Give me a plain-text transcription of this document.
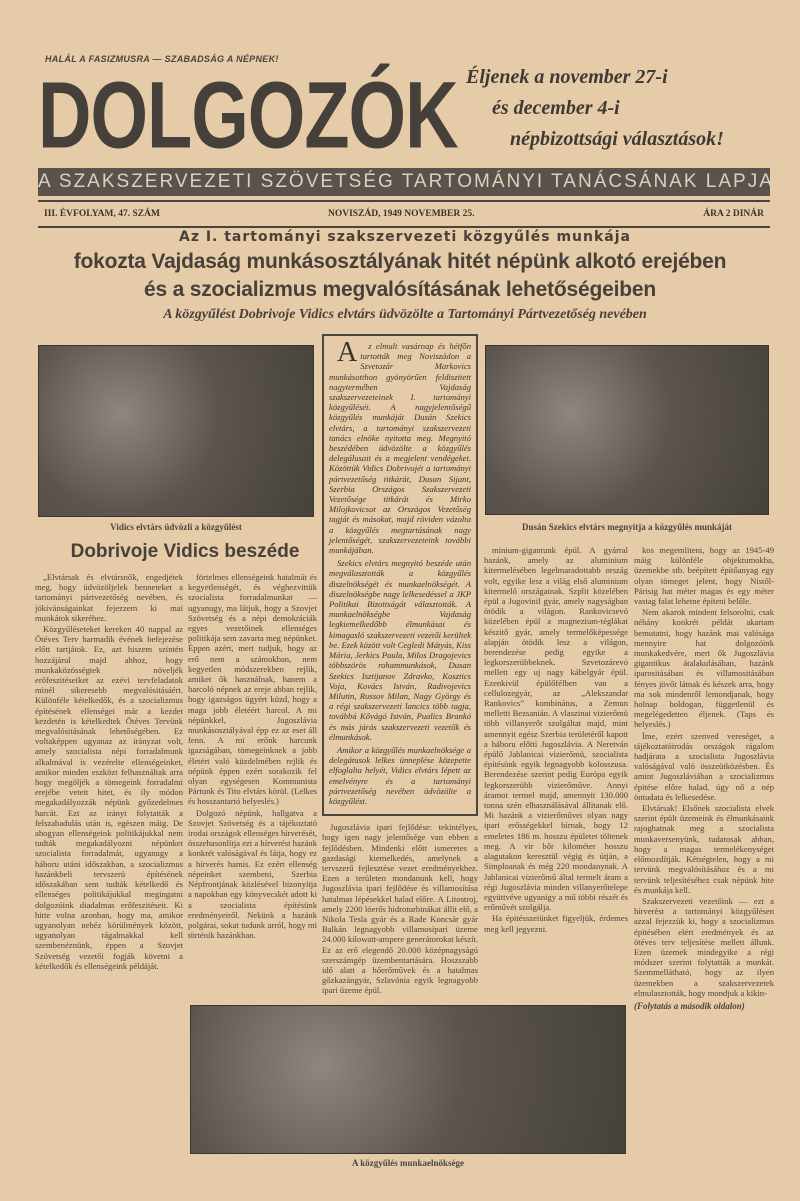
HALÁL A FASIZMUSRA — SZABADSÁG A NÉPNEK!
DOLGOZÓK Éljenek a november 27-i
és december 4-i
népbizottsági választások!
A SZAKSZERVEZETI SZÖVETSÉG TARTOMÁNYI TANÁCSÁNAK LAPJA
III. ÉVFOLYAM, 47. SZÁM	NOVISZÁD, 1949 NOVEMBER 25.	ÁRA 2 DINÁR
Az I. tartományi szakszervezeti közgyűlés munkája
fokozta Vajdaság munkásosztályának hitét népünk alkotó erejében
és a szocializmus megvalósításának lehetőségeiben
A közgyűlést Dobrivoje Vidics elvtárs üdvözölte a Tartományi Pártvezetőség nevében
Vidics elvtárs üdvözli a közgyűlést

A z elmult vasárnap és hétfőn tartották meg Noviszádon a Szvetozár Markovics munkásotthon gyönyörűen feldiszitett nagytermében Vajdaság szakszervezeteinek I. tartományi közgyűlését. A nagyjelentőségű közgyűlés munkáját Dusán Szekics elvtárs, a tartományi szakszervezeti tanács elnöke nyitotta meg. Megnyitó beszédében üdvözölte a közgyűlés delegálusait és a megjelent vendégeket. Közöttük Vidics Dobrivojét a tartományi pártvezetőség titkárát, Dusan Sijant, Szerbia Országos Szakszervezeti Vezetősége titkárát és Mirko Milojkovicsot az Országos Vezetőség tagját és másokat, majd röviden vázolta a közgyűlés megtartásának nagy jelentőségét, szakszervezeteink további munkájában.

Szekics elvtárs megnyitó beszéde után megválasztották a közgyűlés diszelnökségét és munkaelnökségét. A diszelnökségbe nagy lelkesedéssel a JKP Politikai Bizottságát választották. A munkaelnökségbe Vajdaság legkiemelkedőbb élmunkásai és kimagasló szakszervezeti vezetői kerültek be. Ezek között volt Cegledi Mátyás, Kiss Mária, Jerkics Paula, Milos Dragojevics többszörös rohammunkások, Dusan Szekics Isztijanov Zdravko, Kosztics Voja, Kovács István, Radivojevics Milutin, Russov Milan, Nagy György és a régi szakszervezeti lancics több tagja, továbbá Kővágó István, Pualics Brankó és más járás szakszervezeti vezetők és élmunkások.

Amikor a közgyűlés munkaelnöksége a delegátusok lelkes ünneplése közepette elfoglalta helyét, Vidics elvtárs lépett az emelvényre és a tartományi pártvezetőség nevében üdvözölte a közgyűlést.

Jugoszlávia ipari fejlődése: tekintélyes, hogy igen nagy jelentősége van ebben a fejlődésben. Mindenki előtt ismeretes a gazdasági kiemelkedés, amelynek a tervszerű fejlesztése vezet eredményekhez. Ezen a területen mondanunk kell, hogy Jugoszlávia ipari fejlődése és villamosítása hatalmas lépésekkel halad előre. A Litostroj, amely 2200 lóerős hidroturbinákat állít elő, a Nikola Tesla gyár és a Rade Koncsár gyár Balkán legnagyobb villamosipari üzeme 24.000 kilowatt-ampere generátorokat készít. Ez az erő elegendő 20.000 középnagyságú szerszámgép üzembentartására. Hoszszabb idő alatt a hőerőművek és a hatalmas gőzkazángyár, Szlavónia egyik legnagyobb ipari üzeme épül.

Dusán Szekics elvtárs megnyitja a közgyűlés munkáját
Dobrivoje Vidics beszéde

„Elvtársak és elvtársnők, engedjétek meg, hogy üdvözöljelek benneteket a tartományi pártvezetőség nevében, és jókivánságainkat fejezzem ki mai munkátok sikeréhez.

Közgyűléseteket kereken 40 nappal az Ötéves Terv harmadik évének befejezése előtt tartjátok. Ez, azt hiszem szintén hozzájárul majd ahhoz, hogy munkaközösségtek növeljék erőfeszitéseiket az ezévi tervfeladatok minél sikeresebb megvalósitásáért. Különféle kételkedők, és a szocializmus építésének ellenségei már a kezdet kezdetén is kételkedtek Ötéves Tervünk megvalósitásának lehetőségében. Ez voltaképpen ugyanaz az irányzat volt, amely szocialista népi forradalmunk alkalmával is vezérelte ellenségeinket, amikor minden eszközt felhasználtak arra hogy megöljék a tömegeink forradalmi erejébe vetett hitet, és ily módon megakadályozzák népünk győzedelmes harcát. Ezt az irányt folytatták a felszabadulás után is, egészen máig. De ahogyan ellenségeink politikájukkal nem tudták megakadályozni népünket szocialista forradalmát, ugyanugy a háboru utáni időszakban, a szocializmus hazánkbeli tervszerü építésének időszakában sem tudták kételkedő és ellenséges politikájukkal megingatni dolgozóink diadalmas erőfeszitéseit. Ki hitte volna azonban, hogy ma, amikor ugyanolyan nehéz körülmények között, ugyanolyan rágalmakkal kell szembenéznünk, éppen a Szovjet Szövetség vezetői fogják követni a kételkedők és ellenségeink példáját.

förtelmes ellenségeink hatalmát és kegyetlenségét, és véghezvittük szocialista forradalmunkat — ugyanugy, ma látjuk, hogy a Szovjet Szövetség és a népi demokráciák egyes vezetőinek ellenséges politikája sem zavarta meg népünket. Éppen azért, mert tudjuk, hogy az erő nem a számokban, nem kegyetlen módszerekben rejlik, amiket ők használnak, hanem a harcoló népnek az ereje abban rejlik, hogy igazságos ügyért küzd, hogy a maga jobb életéért harcol. A mi népünkkel, Jugoszlávia munkásosztályával épp ez az eset áll fenn. A mi erőnk harcunk igazságában, tömegeinknek a jobb életért való küzdelmében rejlik és népünk éppen ezért sorakozik fel olyan egységesen Kommunista Pártunk és Tito elvtárs körül. (Lelkes és hosszantartó helyeslés.)

Dolgozó népünk, hallgatva a Szovjet Szövetség és a tájékoztató irodai országok ellenséges hirverését, összehasonlítja ezt a hírverést hazánk konkrét valóságával és látja, hogy ez a hírverés hamis. Ez ezért ellenség népeinket szembeni, Szerbia Népfrontjának közlésével bizonyítja a napokban egy könyvecskét adott ki a szocialista építésünk eredményeiről. Nekünk a hazánk polgárai, sokat tudunk arról, hogy mi történik hazánkban.

minium-gigantunk épül. A gyárral hazánk, amely az aluminium kitermelésében legelmaradottabb ország volt, egyike lesz a világ első aluminium kitermelő országainak. Szplit közelében épül a Jugovinil gyár, amely nagyságban ötödik a világon. Rankovicsevó közelében épül a magnezium-téglákat készitő gyár, amely termelőképessége alapján ötödik lesz a világon, berendezése pedig egyike a legkorszerübbeknek. Szvetozárevó mellett egy uj nagy kábelgyár épül. Ezenkivül épülőfélben van a cellulozegyár, az „Alekszandar Rankovics” kombinátus, a Zemun melletti Bezsanián. A vlaszinai vizierőmü több villanyerőt szolgáltat majd, mint amennyit egész Szerbia területéről kapott a háboru előtti Jugoszlávia. A Neretván épülő Jablanicai vizierőmü, szocialista építésünk egyik legnagyobb kolosszusa. Berendezése szerint pedig Európa egyik legkorszerübb vizierőműve. Annyi áramot termel majd, amennyit 130.000 tonna szén elhasználásával állitanak elő. Mi hazánk a vizierőművei olyan nagy ipari erősségekkel bírnak, hogy 12 emeletes 186 m. hosszu épületet töltenek meg. A vir bőr kilométer hosszu alagutakon keresztül végig és útján, a Simploanak és még 220 mondanynak. A Jablanicai vizierőmű által termelt áram a régi Jugoszlávia minden villanyerőtelepe együttvéve ugyanígy a mű többi részét és erőművét szolgálja.

Ha épitésszeiünket figyeljük, érdemes meg kell jegyezni.

kos megemliteni, hogy az 1945-49 máig különféle objektumokba, üzemekbe stb. beépített építőanyag egy olyan tömeget jelent, hogy Nistől-Párisig hat méter magas és egy méter vastag falat lehetne építeni belőle.

Nem akarok mindent felsorolni, csak néhány konkrét példát akartam bemutatni, hogy hazánk mai valósága mennyire hat dolgozóink munkakedvére, mert ők Jugoszlávia gigantikus átalakulásában, hazánk iparositásában és villamositásában fényes jövőt látnak és készek arra, hogy ma sok mindenről lemondjanak, hogy holnap boldogan, függetlenül és megelégedetten éljenek. (Taps és helyeslés.)

Íme, ezért szenved vereséget, a tájékoztatóirodás országok rágalom hadjárata a szocialista Jugoszlávia valóságával való összeütközésben. És amint Jugoszláviában a szocializmus épitése előre halad, úgy nő a nép öntudata és lelkesedése.

Elvtársak! Elsőnek szocialista elvek szerint épült üzemeink és élmunkásaink rajoghatnak meg a szocialista munkaversenyünk, tudatosak abban, hogy a magas termelékenységet előmozdítják. Kétségtelen, hogy a mi tervünk megvalósításához és a mi tervünk teljesítéséhez csak népünk hite és munkája kell.

Szakszervezeti vezetőink — ezt a hírverést a tartományi közgyűlésen azzal fejezzük ki, hogy a szocializmus épitésében elért eredmények és az ötéves terv teljesítése mellett állunk. Ezen üzemek mindegyike a régi módszer szerint folytatták a munkát. Szemmellátható, hogy az ilyen üzemekben a szakszervezetek elmulasztották, hogy mondjuk a kikin-

(Folytatás a második oldalon)

A közgyűlés munkaelnöksége
